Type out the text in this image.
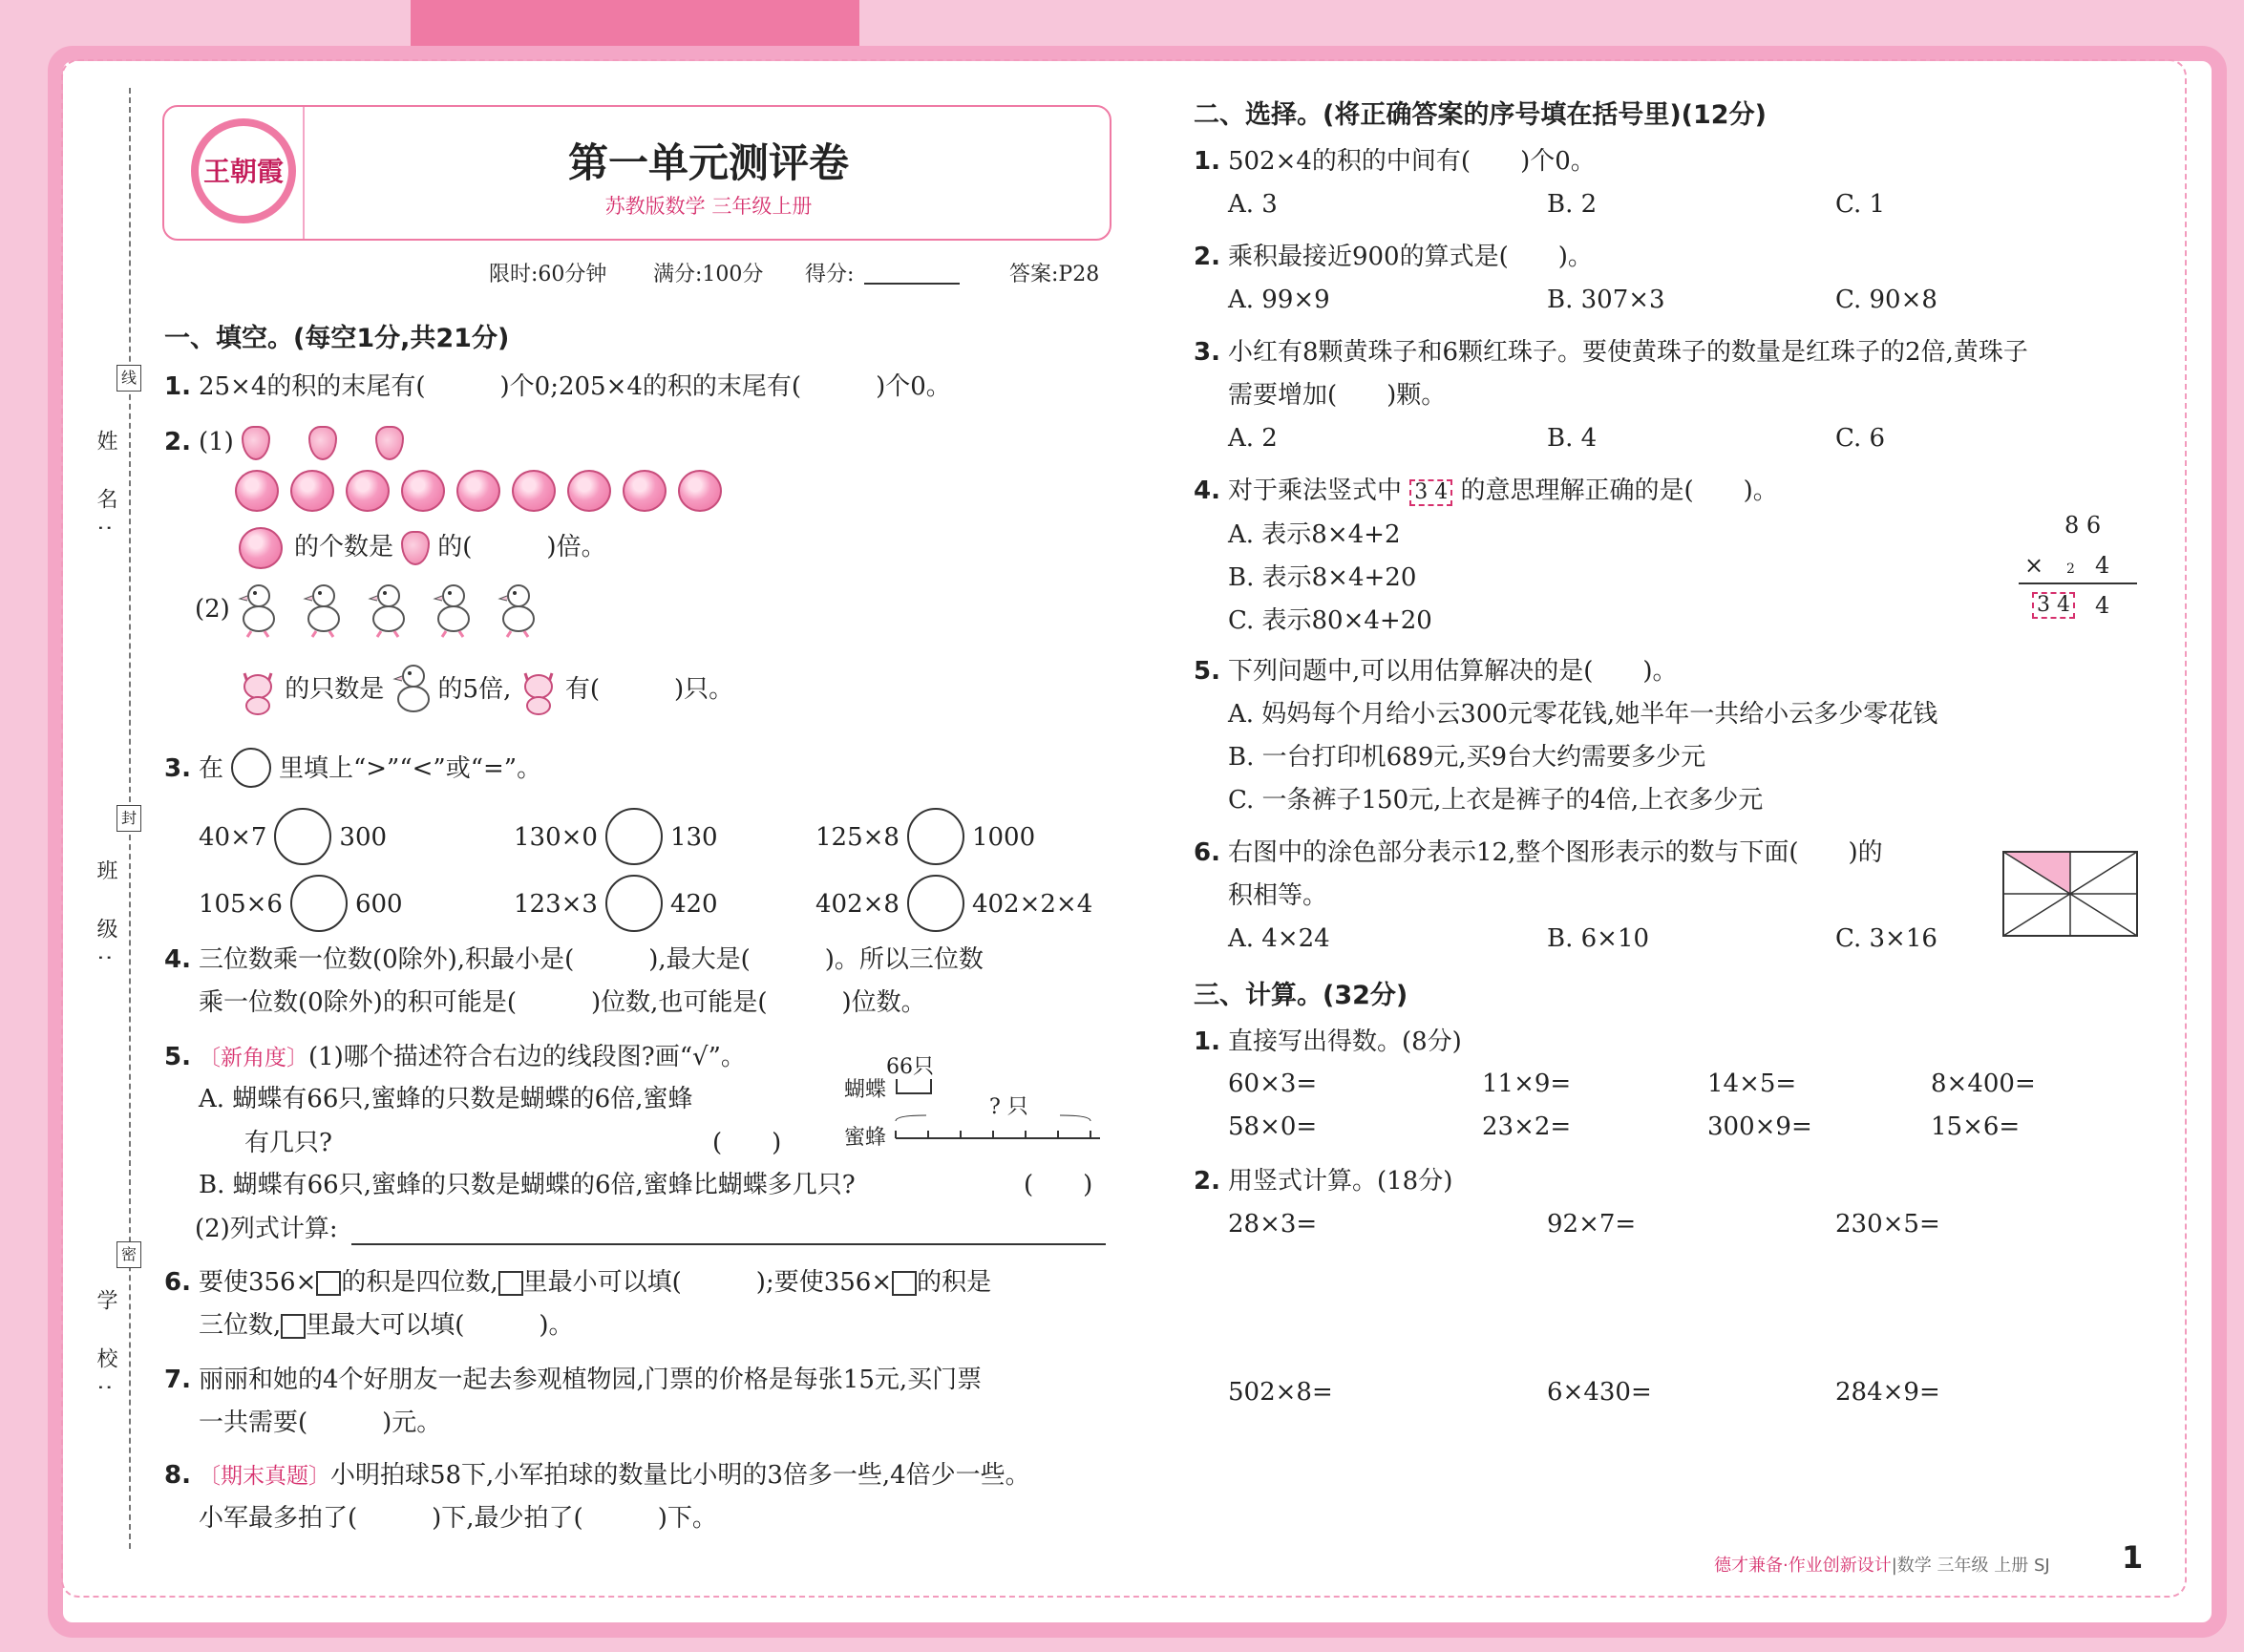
姓 名:
班 级:
学 校:
线
封
密
王朝霞	第一单元测评卷
苏教版数学 三年级上册
限时:60分钟 满分:100分 得分:	答案:P28
一、填空。(每空1分,共21分)
1. 25×4的积的末尾有(　　　)个0;205×4的积的末尾有(　　　)个0。
2. (1)
的个数是 的(　　　)倍。
(2)
的只数是 的5倍, 有(　　　)只。
3. 在 里填上“>”“<”或“=”。
40×7	300	130×0	130	125×8	1000
105×6	600	123×3	420	402×8	402×2×4
4. 三位数乘一位数(0除外),积最小是(　　　),最大是(　　　)。所以三位数
乘一位数(0除外)的积可能是(　　　)位数,也可能是(　　　)位数。
5. 〔新角度〕(1)哪个描述符合右边的线段图?画“√”。
A. 蝴蝶有66只,蜜蜂的只数是蝴蝶的6倍,蜜蜂
有几只?	(　　)
B. 蝴蝶有66只,蜜蜂的只数是蝴蝶的6倍,蜜蜂比蝴蝶多几只?	(　　)
(2)列式计算:
66只
蝴蝶
? 只
蜜蜂
6. 要使356× 的积是四位数, 里最小可以填(　　　);要使356× 的积是
三位数, 里最大可以填(　　　)。
7. 丽丽和她的4个好朋友一起去参观植物园,门票的价格是每张15元,买门票
一共需要(　　　)元。
8. 〔期末真题〕小明拍球58下,小军拍球的数量比小明的3倍多一些,4倍少一些。
小军最多拍了(　　　)下,最少拍了(　　　)下。
二、选择。(将正确答案的序号填在括号里)(12分)
1. 502×4的积的中间有(　　)个0。
A. 3	B. 2	C. 1
2. 乘积最接近900的算式是(　　)。
A. 99×9	B. 307×3	C. 90×8
3. 小红有8颗黄珠子和6颗红珠子。要使黄珠子的数量是红珠子的2倍,黄珠子
需要增加(　　)颗。
A. 2	B. 4	C. 6
4. 对于乘法竖式中 3 4 的意思理解正确的是(　　)。
A. 表示8×4+2
B. 表示8×4+20
C. 表示80×4+20
8 6
× 2 4
3 4 4
5. 下列问题中,可以用估算解决的是(　　)。
A. 妈妈每个月给小云300元零花钱,她半年一共给小云多少零花钱
B. 一台打印机689元,买9台大约需要多少元
C. 一条裤子150元,上衣是裤子的4倍,上衣多少元
6. 右图中的涂色部分表示12,整个图形表示的数与下面(　　)的
积相等。
A. 4×24	B. 6×10	C. 3×16
三、计算。(32分)
1. 直接写出得数。(8分)
60×3=	11×9=	14×5=	8×400=
58×0=	23×2=	300×9=	15×6=
2. 用竖式计算。(18分)
28×3=	92×7=	230×5=
502×8=	6×430=	284×9=
德才兼备·作业创新设计|数学 三年级 上册 SJ 1
